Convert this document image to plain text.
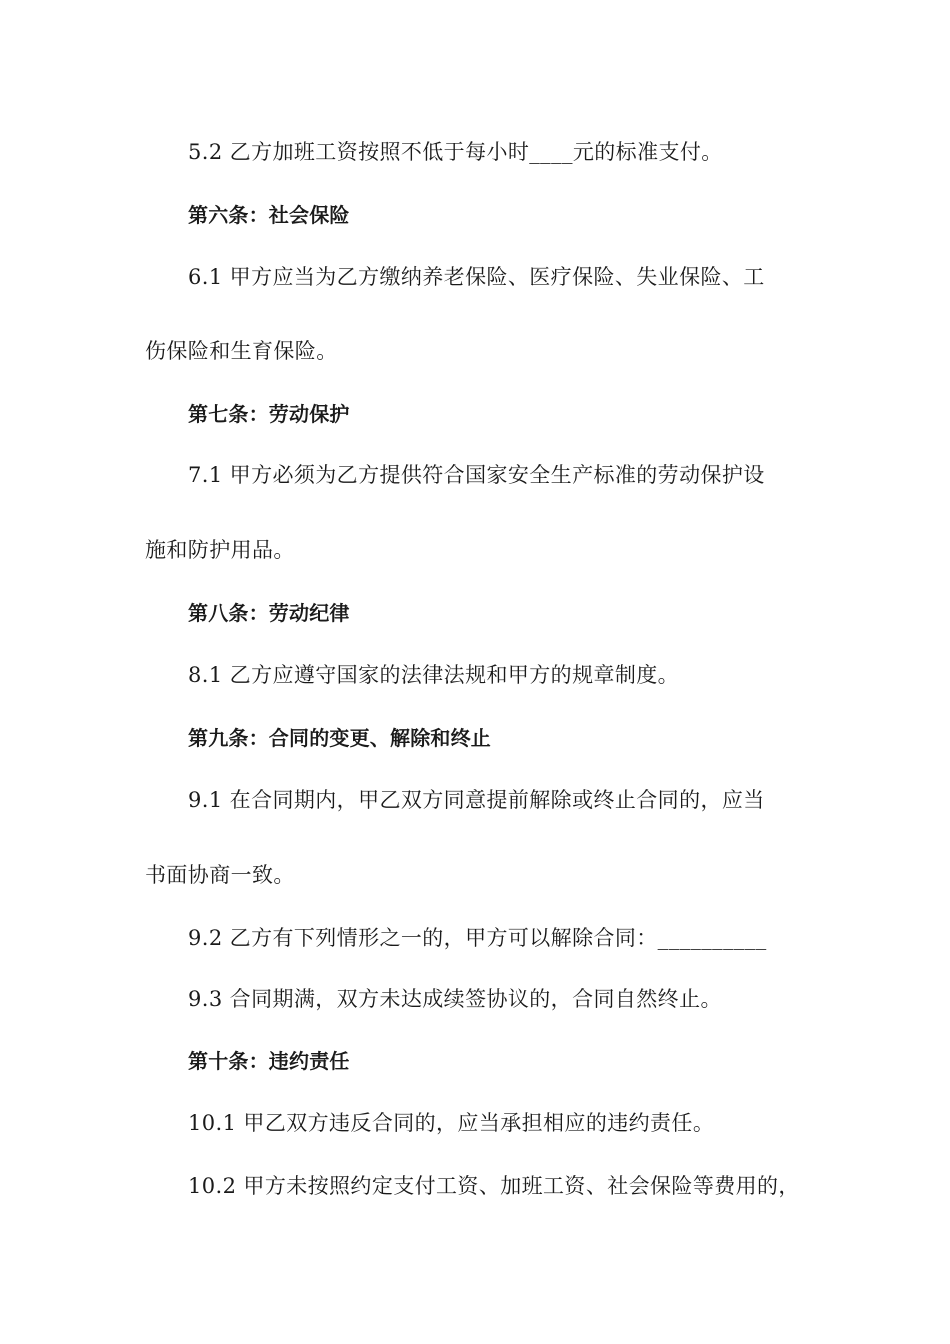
5.2 乙方加班工资按照不低于每小时____元的标准支付。
第六条：社会保险
6.1 甲方应当为乙方缴纳养老保险、医疗保险、失业保险、工
伤保险和生育保险。
第七条：劳动保护
7.1 甲方必须为乙方提供符合国家安全生产标准的劳动保护设
施和防护用品。
第八条：劳动纪律
8.1 乙方应遵守国家的法律法规和甲方的规章制度。
第九条：合同的变更、解除和终止
9.1 在合同期内，甲乙双方同意提前解除或终止合同的，应当
书面协商一致。
9.2 乙方有下列情形之一的，甲方可以解除合同：__________
9.3 合同期满，双方未达成续签协议的，合同自然终止。
第十条：违约责任
10.1 甲乙双方违反合同的，应当承担相应的违约责任。
10.2 甲方未按照约定支付工资、加班工资、社会保险等费用的，
